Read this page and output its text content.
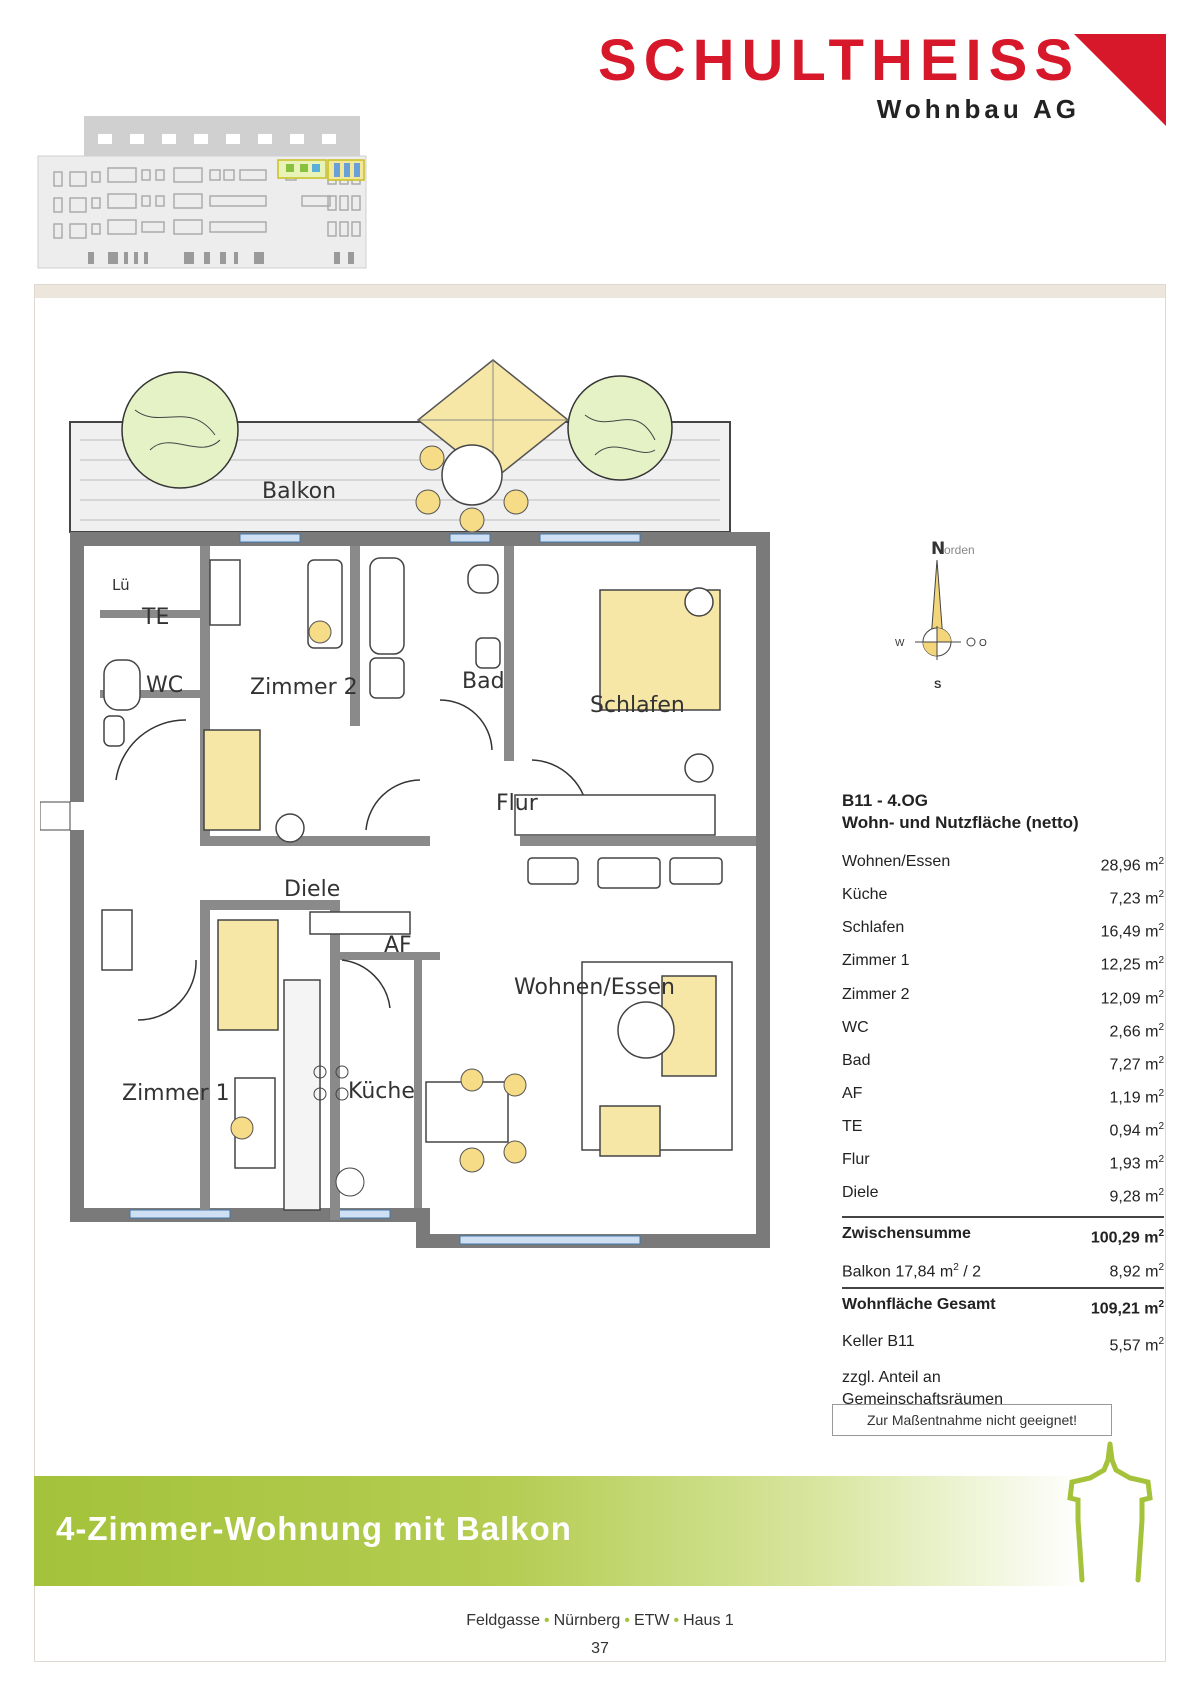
SCHULTHEISS
Wohnbau AG
Balkon
Lü
TE
WC	Zimmer 2	Bad
Schlafen
Flur
Diele
AF
Wohnen/Essen
Zimmer 1	Küche
N
orden
W	O
S
B11 - 4.OG
Wohn- und Nutzfläche (netto)
Wohnen/Essen	28,96 $m^2$
Küche	7,23 $m^2$
Schlafen	16,49 $m^2$
Zimmer 1	12,25 $m^2$
Zimmer 2	12,09 $m^2$
WC	2,66 $m^2$
Bad	7,27 $m^2$
AF	1,19 $m^2$
TE	0,94 $m^2$
Flur	1,93 $m^2$
Diele	9,28 $m^2$
Zwischensumme	100,29 $m^2$
Balkon 17,84 $m^2 / 2$	8,92 $m^2$
Wohnfläche Gesamt	109,21 $m^2$
Keller B11	5,57 $m^2$
zzgl. Anteil an
Gemeinschaftsräumen
Zur Maßentnahme nicht geeignet!
4-Zimmer-Wohnung mit Balkon
Feldgasse • Nürnberg • ETW • Haus 1
37
